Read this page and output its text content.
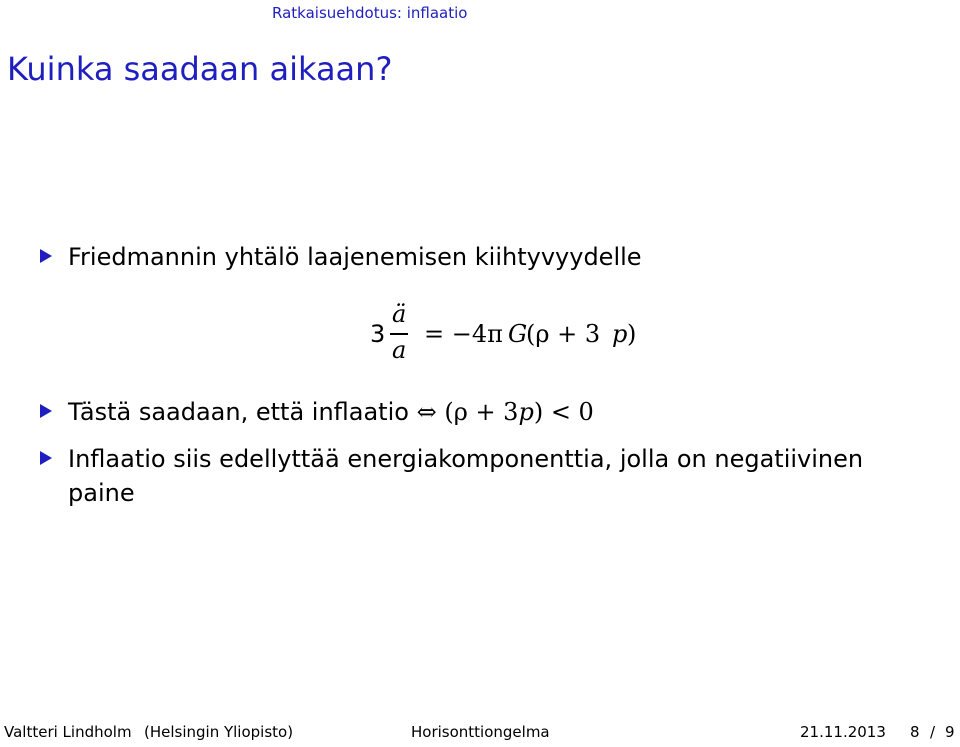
Ratkaisuehdotus: inflaatio
Kuinka saadaan aikaan?
Friedmannin yhtälö laajenemisen kiihtyvyydelle
3
ä
a
= −4π G
(ρ + 3 p )
Tästä saadaan, että inflaatio ⇔ (ρ + 3p) < 0
Inflaatio siis edellyttää energiakomponenttia, jolla on negatiivinen
paine
Valtteri Lindholm (Helsingin Yliopisto)	Horisonttiongelma	21.11.2013 8 / 9
